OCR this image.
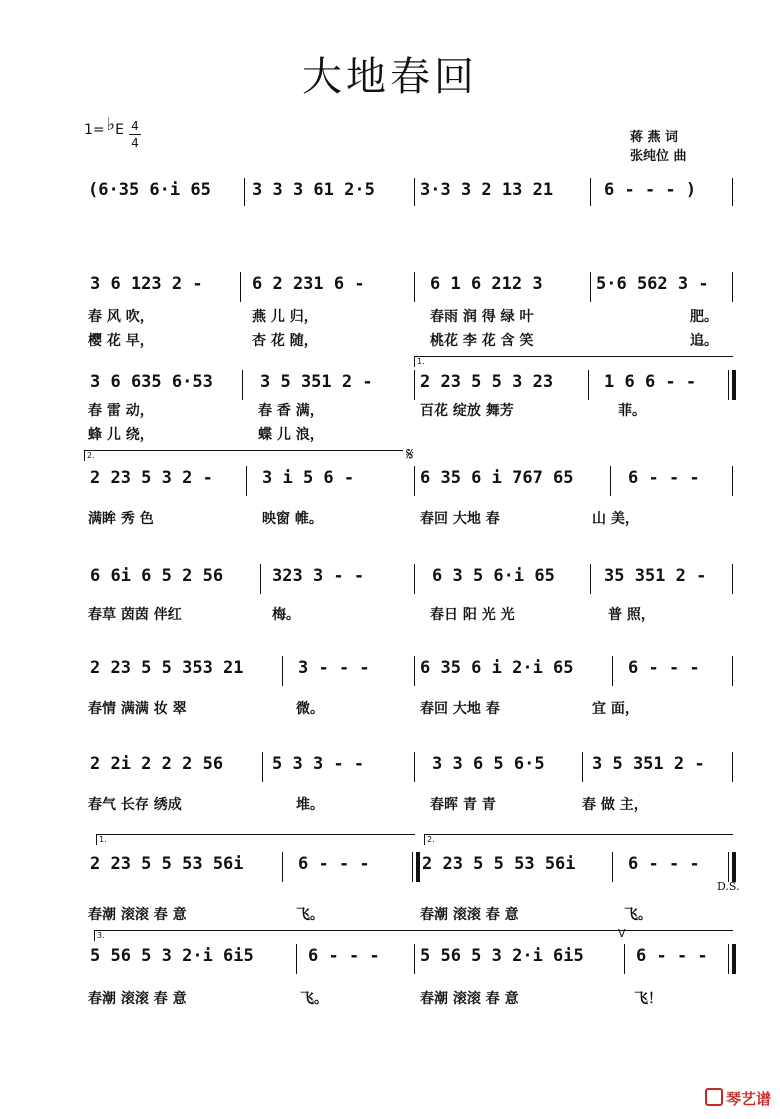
大地春回
1= ♭E 4
4	蒋 燕 词
张纯位 曲
(6·35 6·i 65 3 3 3 61 2·5	3·3 3 2 13 21	6 - - - )
3 6 123 2 -	6 2 231 6 -	6 1 6 212 3	5·6 562 3 -
春 风 吹，	燕 儿 归，	春雨 润 得 绿 叶	肥。
樱 花 早，	杏 花 随，	桃花 李 花 含 笑	追。
1.
3 6 635 6·53	3 5 351 2 -	2 23 5 5 3 23	1 6 6 - -
春 雷 动，	春 香 满，	百花 绽放 舞芳	菲。
蜂 儿 绕，	蝶 儿 浪，
2.
2 23 5 3 2 -	3 i 5 6 -	6 35 6 i 767 65	6 - - -
满眸 秀 色	映窗 帷。	春回 大地 春	山 美，
𝄋
6 6i 6 5 2 56	323 3 - -	6 3 5 6·i 65	35 351 2 -
春草 茵茵 伴红	梅。	春日 阳 光 光	普 照，
2 23 5 5 353 21	3 - - -	6 35 6 i 2·i 65	6 - - -
春情 满满 妆 翠	微。	春回 大地 春	宜 面，
2 2i 2 2 2 56	5 3 3 - -	3 3 6 5 6·5	3 5 351 2 -
春气 长存 绣成	堆。	春晖 青 青	春 做 主，
1.	2.
2 23 5 5 53 56i	6 - - -	2 23 5 5 53 56i	6 - - -
春潮 滚滚 春 意	飞。	春潮 滚滚 春 意	飞。
D.S.
3.
5 56 5 3 2·i 6i5	6 - - - 5 56 5 3 2·i 6i5	6 - - -
春潮 滚滚 春 意	飞。	春潮 滚滚 春 意	飞！
V
琴艺谱
